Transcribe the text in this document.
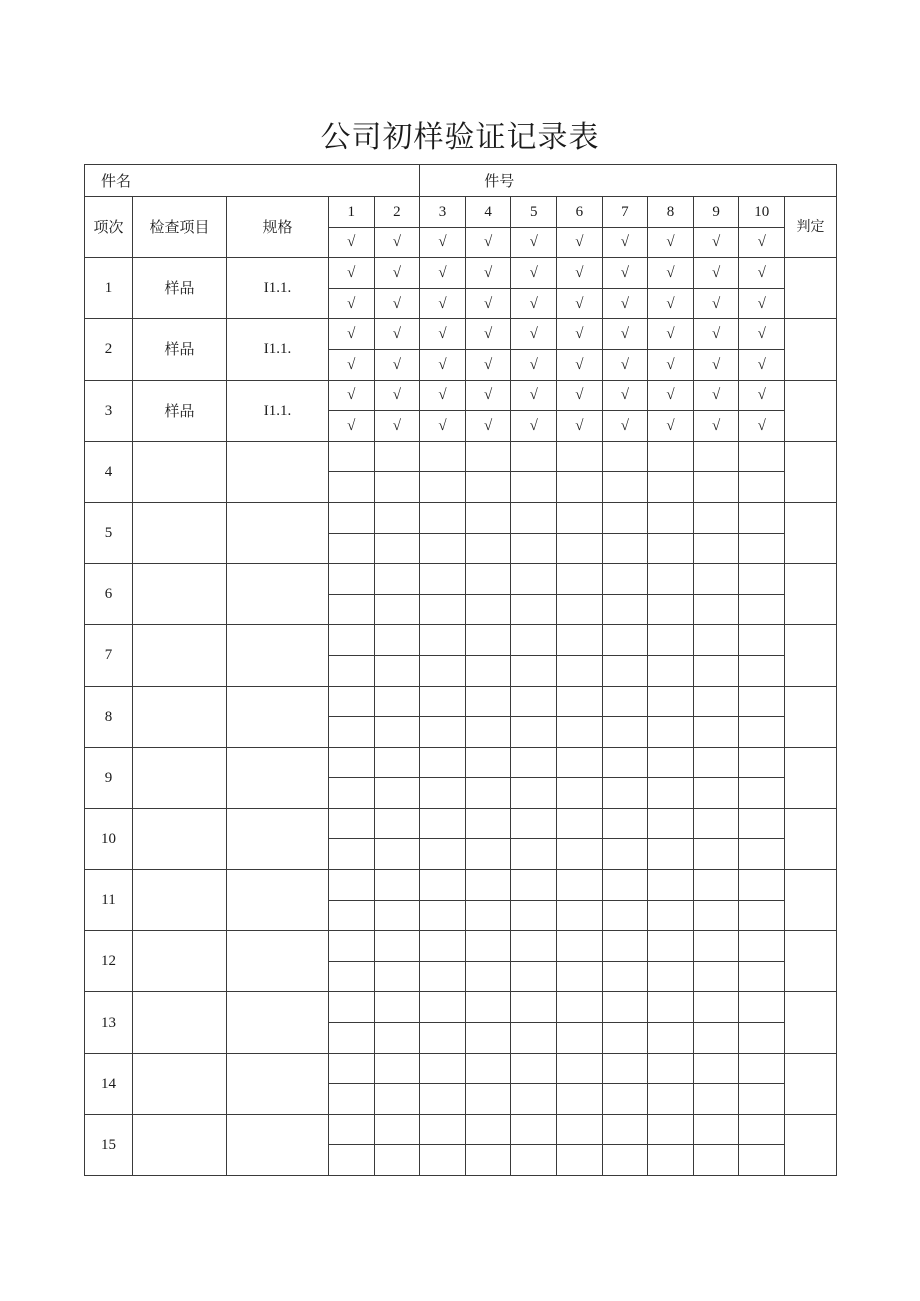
公司初样验证记录表
件名					件号								
项次	检查项目	规格	1	2	3	4	5	6	7	8	9	10	判定
			√	√	√	√	√	√	√	√	√	√	
1	样品	I1.1.	√	√	√	√	√	√	√	√	√	√	
			√	√	√	√	√	√	√	√	√	√	
2	样品	I1.1.	√	√	√	√	√	√	√	√	√	√	
			√	√	√	√	√	√	√	√	√	√	
3	样品	I1.1.	√	√	√	√	√	√	√	√	√	√	
			√	√	√	√	√	√	√	√	√	√	
4													

5													

6													

7													

8													

9													

10													

11													

12													

13													

14													

15													
